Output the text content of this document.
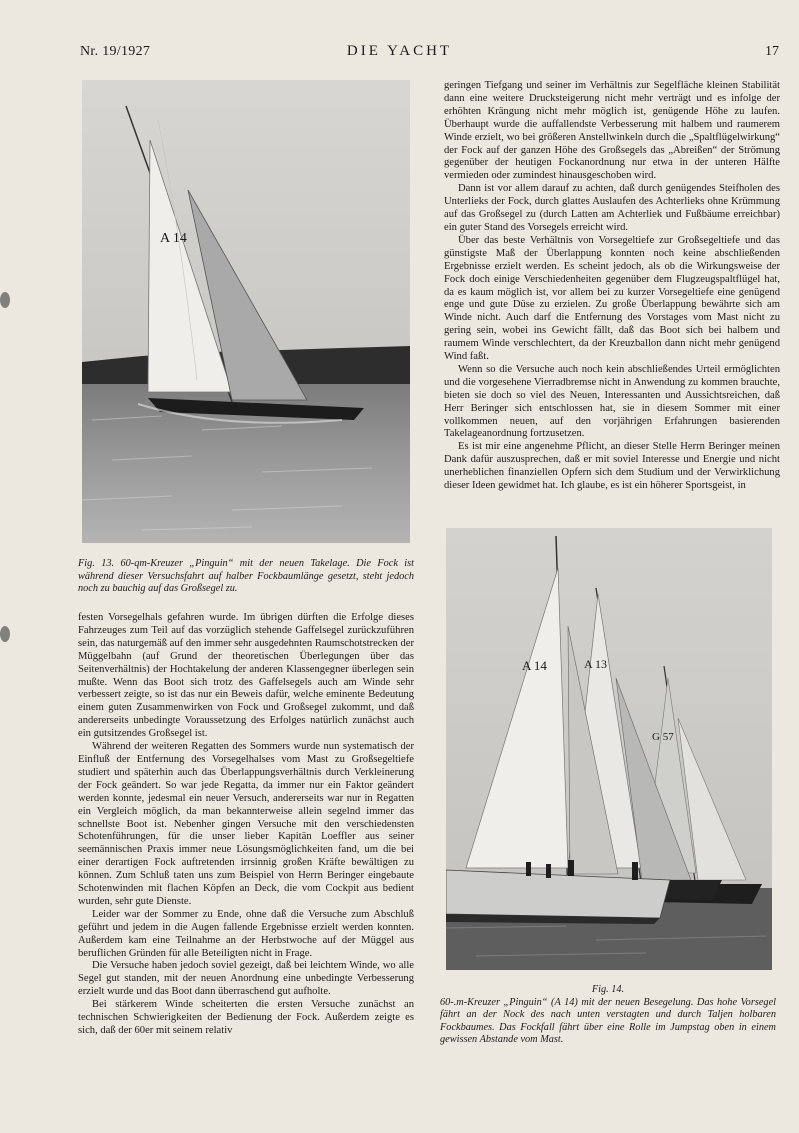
Nr. 19/1927	DIE YACHT	17
A 14
Fig. 13. 60-qm-Kreuzer „Pinguin“ mit der neuen Takelage. Die Fock ist während dieser Versuchsfahrt auf halber Fockbaumlänge gesetzt, steht jedoch noch zu bauchig auf das Großsegel zu.

geringen Tiefgang und seiner im Verhältnis zur Segelfläche kleinen Stabilität dann eine weitere Drucksteigerung nicht mehr verträgt und es infolge der erhöhten Krängung nicht mehr möglich ist, genügende Höhe zu laufen. Überhaupt wurde die auffallendste Verbesserung mit halbem und raumerem Winde erzielt, wo bei größeren Anstellwinkeln durch die „Spaltflügelwirkung“ der Fock auf der ganzen Höhe des Großsegels das „Abreißen“ der Strömung gegenüber der heutigen Fockanordnung nur etwa in der unteren Hälfte vermieden oder zumindest hinausgeschoben wird.

Dann ist vor allem darauf zu achten, daß durch genügendes Steifholen des Unterlieks der Fock, durch glattes Auslaufen des Achterlieks ohne Krümmung auf das Großsegel zu (durch Latten am Achterliek und Fußbäume erreichbar) ein guter Stand des Vorsegels erreicht wird.

Über das beste Verhältnis von Vorsegeltiefe zur Großsegeltiefe und das günstigste Maß der Überlappung konnten noch keine abschließenden Ergebnisse erzielt werden. Es scheint jedoch, als ob die Wirkungsweise der Fock doch einige Verschiedenheiten gegenüber dem Flugzeugspaltflügel hat, da es kaum möglich ist, vor allem bei zu kurzer Vorsegeltiefe eine genügend enge und gute Düse zu erzielen. Zu große Überlappung bewährte sich am Winde nicht. Auch darf die Entfernung des Vorstages vom Mast nicht zu gering sein, wobei ins Gewicht fällt, daß das Boot sich bei halbem und raumem Winde verschlechtert, da der Kreuzballon dann nicht mehr genügend Wind faßt.

Wenn so die Versuche auch noch kein abschließendes Urteil ermöglichten und die vorgesehene Vierradbremse nicht in Anwendung zu kommen brauchte, bieten sie doch so viel des Neuen, Interessanten und Aussichtsreichen, daß Herr Beringer sich entschlossen hat, sie in diesem Sommer mit einer vollkommen neuen, auf den vorjährigen Erfahrungen basierenden Takelageanordnung fortzusetzen.

Es ist mir eine angenehme Pflicht, an dieser Stelle Herrn Beringer meinen Dank dafür auszusprechen, daß er mit soviel Interesse und Energie und nicht unerheblichen finanziellen Opfern sich dem Studium und der Verwirklichung dieser Ideen gewidmet hat. Ich glaube, es ist ein höherer Sportsgeist, in

festen Vorsegelhals gefahren wurde. Im übrigen dürften die Erfolge dieses Fahrzeuges zum Teil auf das vorzüglich stehende Gaffelsegel zurückzuführen sein, das naturgemäß auf den immer sehr ausgedehnten Raumschotstrecken der Müggelbahn (auf Grund der theoretischen Überlegungen über das Seitenverhältnis) der Hochtakelung der anderen Klassengegner überlegen sein mußte. Wenn das Boot sich trotz des Gaffelsegels auch am Winde sehr verbessert zeigte, so ist das nur ein Beweis dafür, welche eminente Bedeutung einem guten Zusammenwirken von Fock und Großsegel zukommt, und daß andererseits unbedingte Voraussetzung des Erfolges natürlich zunächst auch ein gutsitzendes Großsegel ist.

Während der weiteren Regatten des Sommers wurde nun systematisch der Einfluß der Entfernung des Vorsegelhalses vom Mast zu Großsegeltiefe studiert und späterhin auch das Überlappungsverhältnis durch Verkleinerung der Fock geändert. So war jede Regatta, da immer nur ein Faktor geändert werden konnte, jedesmal ein neuer Versuch, andererseits war nur in Regatten ein Vergleich möglich, da man bekannterweise allein segelnd immer das schnellste Boot ist. Nebenher gingen Versuche mit den verschiedensten Schotenführungen, für die unser lieber Kapitän Loeffler aus seiner seemännischen Praxis immer neue Lösungsmöglichkeiten fand, um die bei einer derartigen Fock auftretenden irrsinnig großen Kräfte bewältigen zu können. Zum Schluß taten uns zum Beispiel von Herrn Beringer eingebaute Schotenwinden mit flachen Köpfen an Deck, die vom Cockpit aus bedient wurden, sehr gute Dienste.

Leider war der Sommer zu Ende, ohne daß die Versuche zum Abschluß geführt und jedem in die Augen fallende Ergebnisse erzielt werden konnten. Außerdem kam eine Teilnahme an der Herbstwoche auf der Müggel aus beruflichen Gründen für alle Beteiligten nicht in Frage.

Die Versuche haben jedoch soviel gezeigt, daß bei leichtem Winde, wo alle Segel gut standen, mit der neuen Anordnung eine unbedingte Verbesserung erzielt wurde und das Boot dann überraschend gut aufholte.

Bei stärkerem Winde scheiterten die ersten Versuche zunächst an technischen Schwierigkeiten der Bedienung der Fock. Außerdem zeigte es sich, daß der 60er mit seinem relativ

G 57
A 13
A 14
Fig. 14.
60-.m-Kreuzer „Pinguin“ (A 14) mit der neuen Besegelung. Das hohe Vorsegel fährt an der Nock des nach unten verstagten und durch Taljen holbaren Fockbaumes. Das Fockfall fährt über eine Rolle im Jumpstag oben in einem gewissen Abstande vom Mast.
